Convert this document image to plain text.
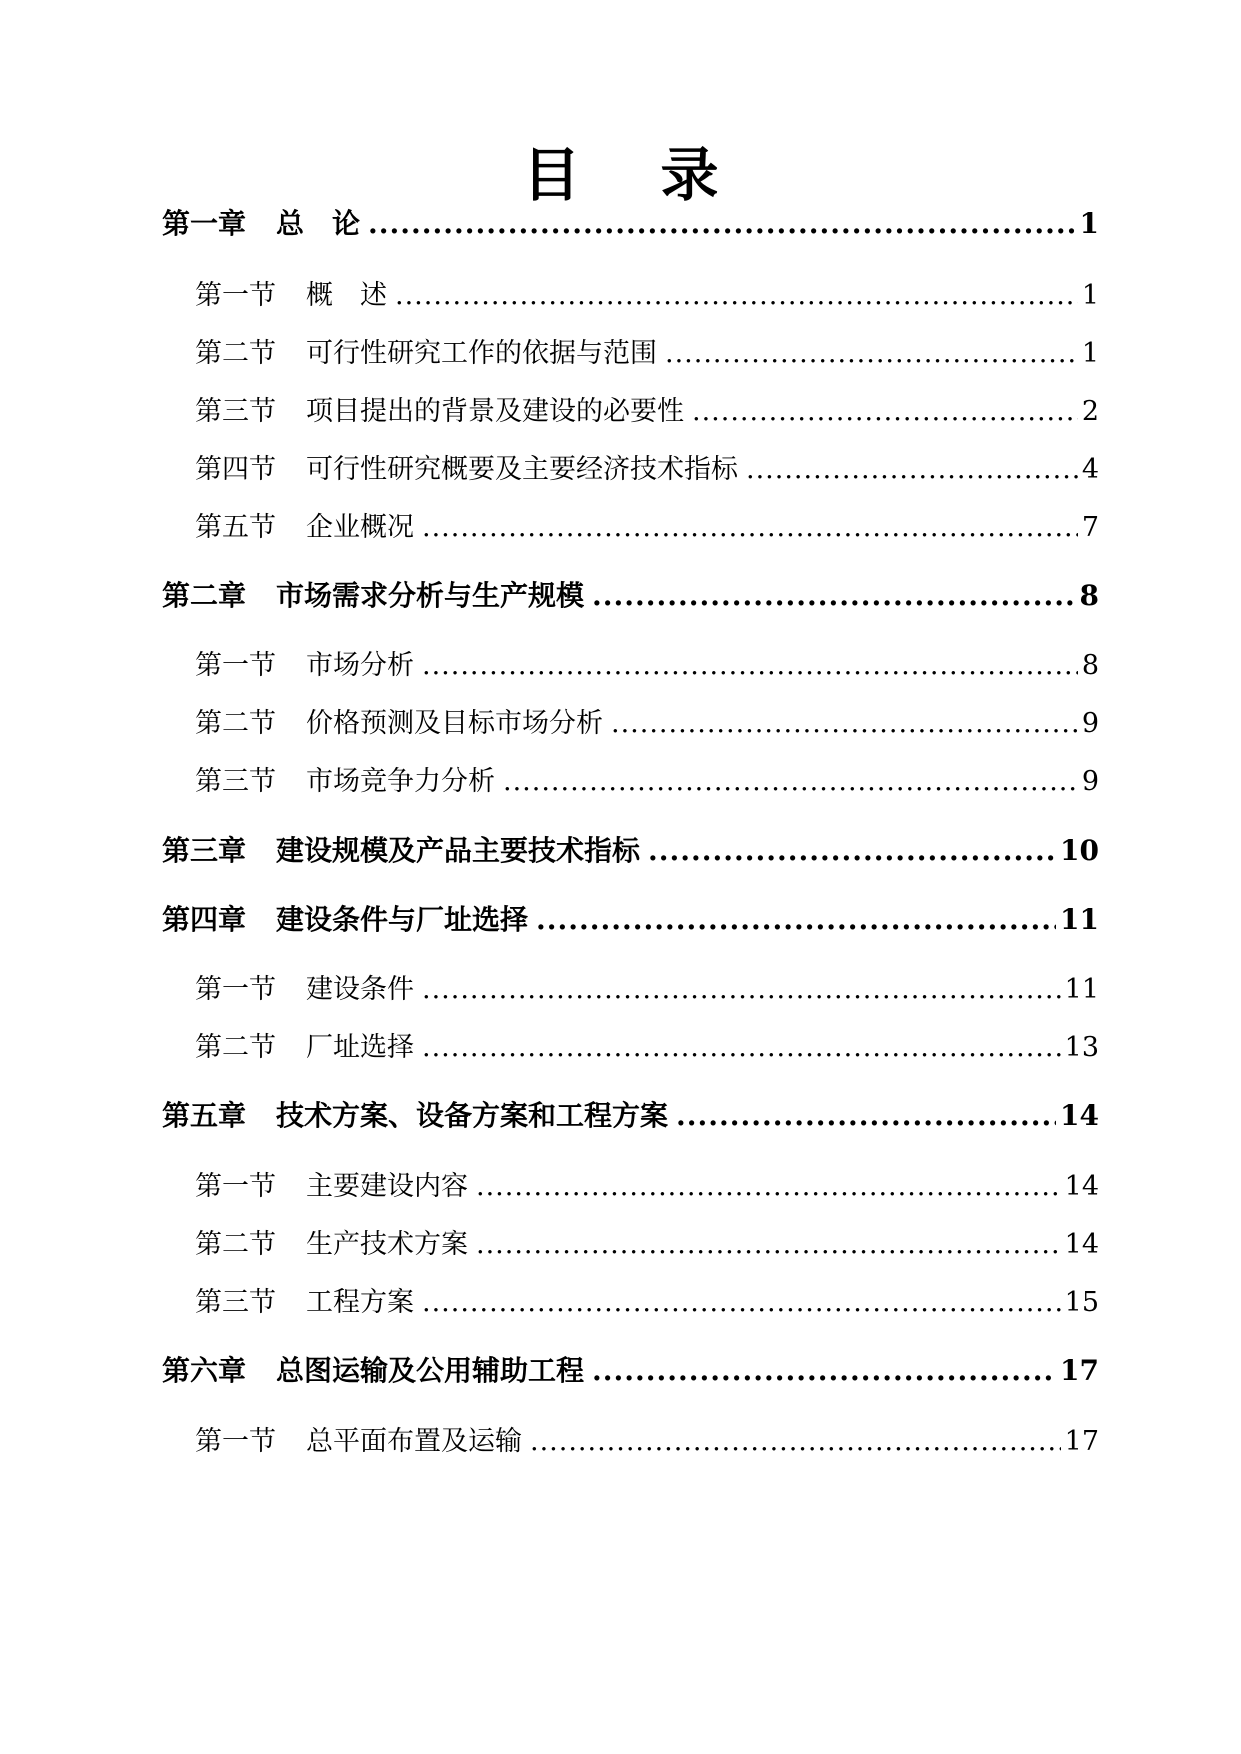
目 录
第一章 总　论 .....	1
第一节 概　述 .....	1
第二节 可行性研究工作的依据与范围 .....	1
第三节 项目提出的背景及建设的必要性 .....	2
第四节 可行性研究概要及主要经济技术指标 .....	4
第五节 企业概况 .....	7
第二章 市场需求分析与生产规模 .....	8
第一节 市场分析 .....	8
第二节 价格预测及目标市场分析 .....	9
第三节 市场竞争力分析 .....	9
第三章 建设规模及产品主要技术指标 .....	10
第四章 建设条件与厂址选择 .....	11
第一节 建设条件 .....	11
第二节 厂址选择 .....	13
第五章 技术方案、设备方案和工程方案 .....	14
第一节 主要建设内容 .....	14
第二节 生产技术方案 .....	14
第三节 工程方案 .....	15
第六章 总图运输及公用辅助工程 .....	17
第一节 总平面布置及运输 .....	17
